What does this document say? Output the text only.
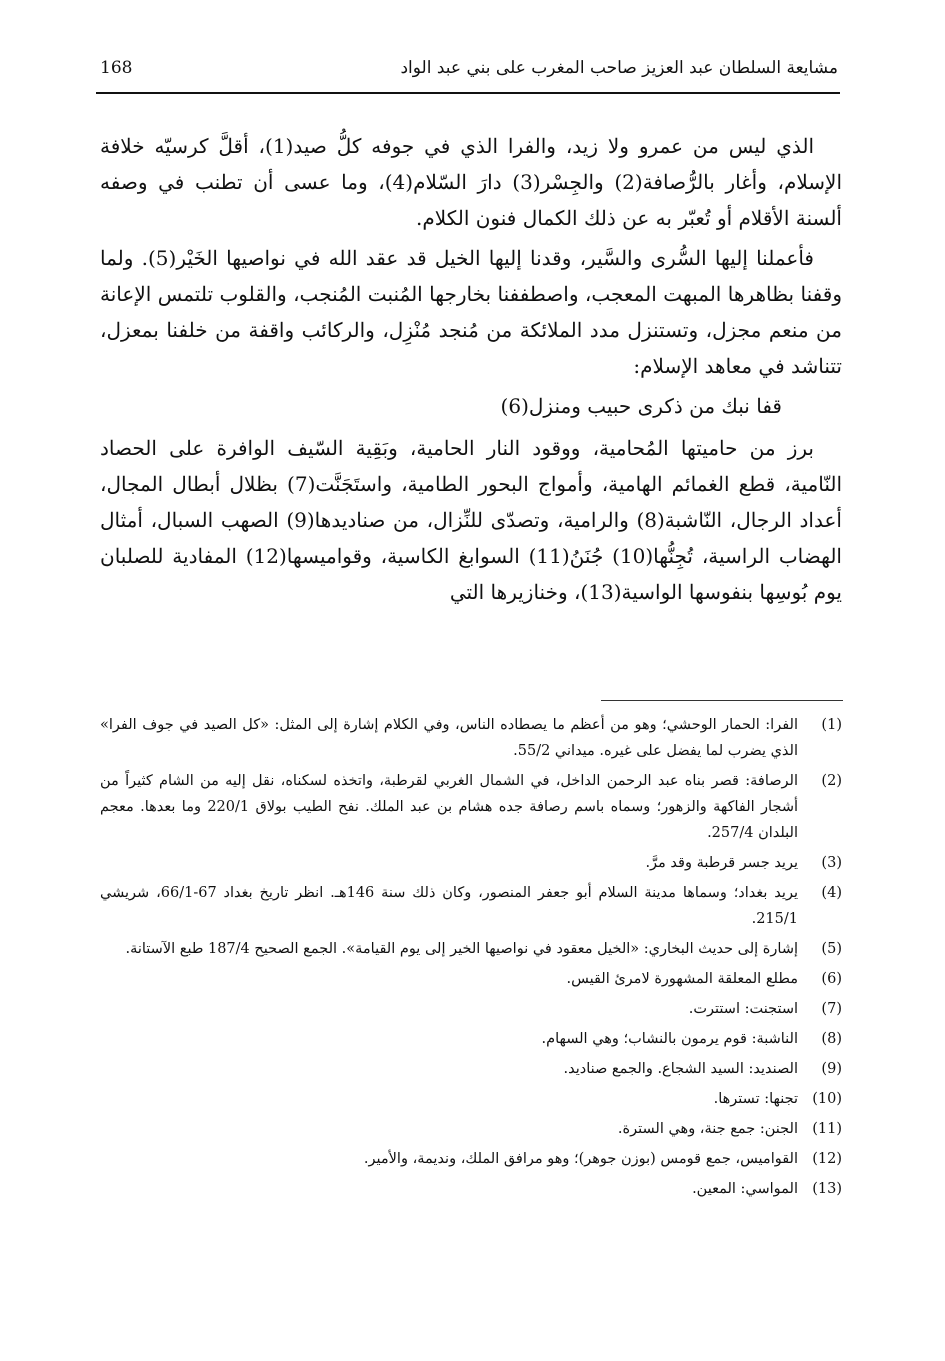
168	مشايعة السلطان عبد العزيز صاحب المغرب على بني عبد الواد

الذي ليس من عمرو ولا زيد، والفرا الذي في جوفه كلُّ صيد(1)، أقلَّ كرسيّه خلافة الإسلام، وأغار بالرُّصافة(2) والجِسْر(3) دارَ السّلام(4)، وما عسى أن تطنب في وصفه ألسنة الأقلام أو تُعبّر به عن ذلك الكمال فنون الكلام.

فأعملنا إليها السُّرى والسَّير، وقدنا إليها الخيل قد عقد الله في نواصيها الخَيْر(5). ولما وقفنا بظاهرها المبهت المعجب، واصطففنا بخارجها المُنبت المُنجب، والقلوب تلتمس الإعانة من منعم مجزل، وتستنزل مدد الملائكة من مُنجد مُنْزِل، والركائب واقفة من خلفنا بمعزل، تتناشد في معاهد الإسلام:

قفا نبك من ذكرى حبيب ومنزل(6)

برز من حاميتها المُحامية، ووقود النار الحامية، وبَقِية السّيف الوافرة على الحصاد النّامية، قطع الغمائم الهامية، وأمواج البحور الطامية، واستَجَنَّت(7) بظلال أبطال المجال، أعداد الرجال، النّاشبة(8) والرامية، وتصدّى للنِّزال، من صناديدها(9) الصهب السبال، أمثال الهضاب الراسية، تُجِنُّها(10) جُنَنُ(11) السوابغ الكاسية، وقواميسها(12) المفادية للصلبان يوم بُوسِها بنفوسها الواسية(13)، وخنازيرها التي

(1)
الفرا: الحمار الوحشي؛ وهو من أعظم ما يصطاده الناس، وفي الكلام إشارة إلى المثل: «كل الصيد في جوف الفرا» الذي يضرب لما يفضل على غيره. ميداني 55/2.
(2)
الرصافة: قصر بناه عبد الرحمن الداخل، في الشمال الغربي لقرطبة، واتخذه لسكناه، نقل إليه من الشام كثيراً من أشجار الفاكهة والزهور؛ وسماه باسم رصافة جده هشام بن عبد الملك. نفح الطيب بولاق 220/1 وما بعدها. معجم البلدان 257/4.
(3)
يريد جسر قرطبة وقد مرَّ.
(4)
يريد بغداد؛ وسماها مدينة السلام أبو جعفر المنصور، وكان ذلك سنة 146هـ. انظر تاريخ بغداد 67-66/1، شريشي 215/1.
(5)
إشارة إلى حديث البخاري: «الخيل معقود في نواصيها الخير إلى يوم القيامة». الجمع الصحيح 187/4 طبع الآستانة.
(6)
مطلع المعلقة المشهورة لامرئ القيس.
(7)
استجنت: استترت.
(8)
الناشبة: قوم يرمون بالنشاب؛ وهي السهام.
(9)
الصنديد: السيد الشجاع. والجمع صناديد.
(10)
تجنها: تسترها.
(11)
الجنن: جمع جنة، وهي السترة.
(12)
القواميس، جمع قومس (بوزن جوهر)؛ وهو مرافق الملك، ونديمة، والأمير.
(13)
المواسي: المعين.
